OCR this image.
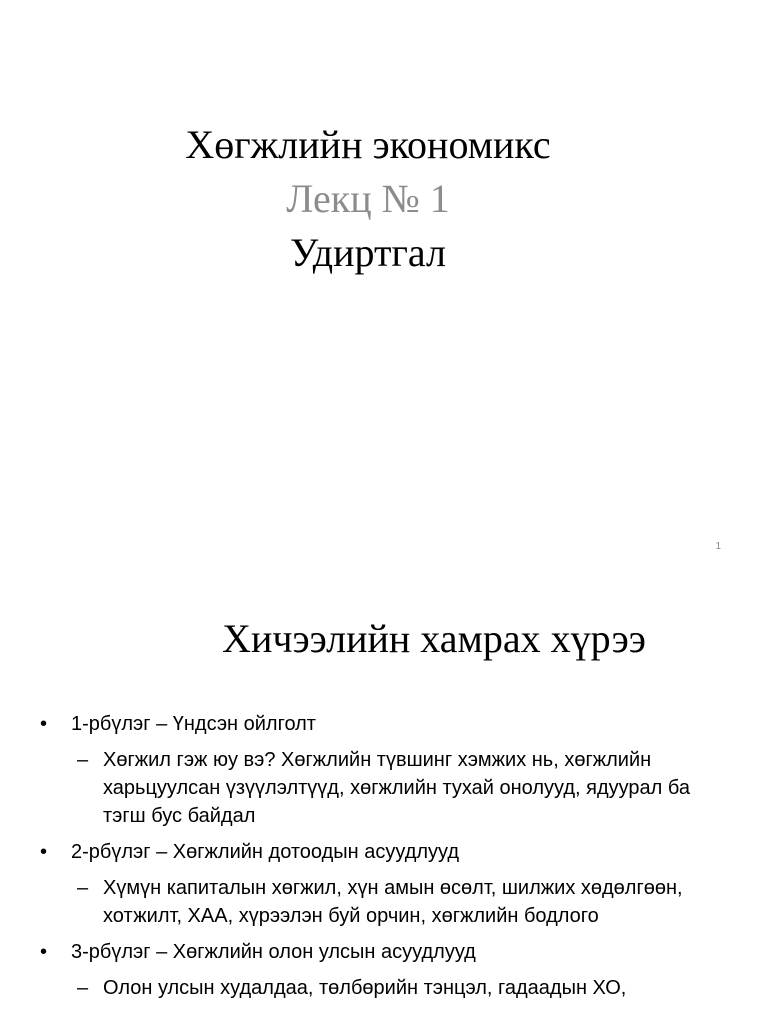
Хөгжлийн экономикс
Лекц № 1
Удиртгал
1
Хичээлийн хамрах хүрээ
• 1-рбүлэг – Үндсэн ойлголт
– Хөгжил гэж юу вэ? Хөгжлийн түвшинг хэмжих нь, хөгжлийн харьцуулсан үзүүлэлтүүд, хөгжлийн тухай онолууд, ядуурал ба тэгш бус байдал
• 2-рбүлэг – Хөгжлийн дотоодын асуудлууд
– Хүмүн капиталын хөгжил, хүн амын өсөлт, шилжих хөдөлгөөн, хотжилт, ХАА, хүрээлэн буй орчин, хөгжлийн бодлого
• 3-рбүлэг – Хөгжлийн олон улсын асуудлууд
– Олон улсын худалдаа, төлбөрийн тэнцэл, гадаадын ХО,
